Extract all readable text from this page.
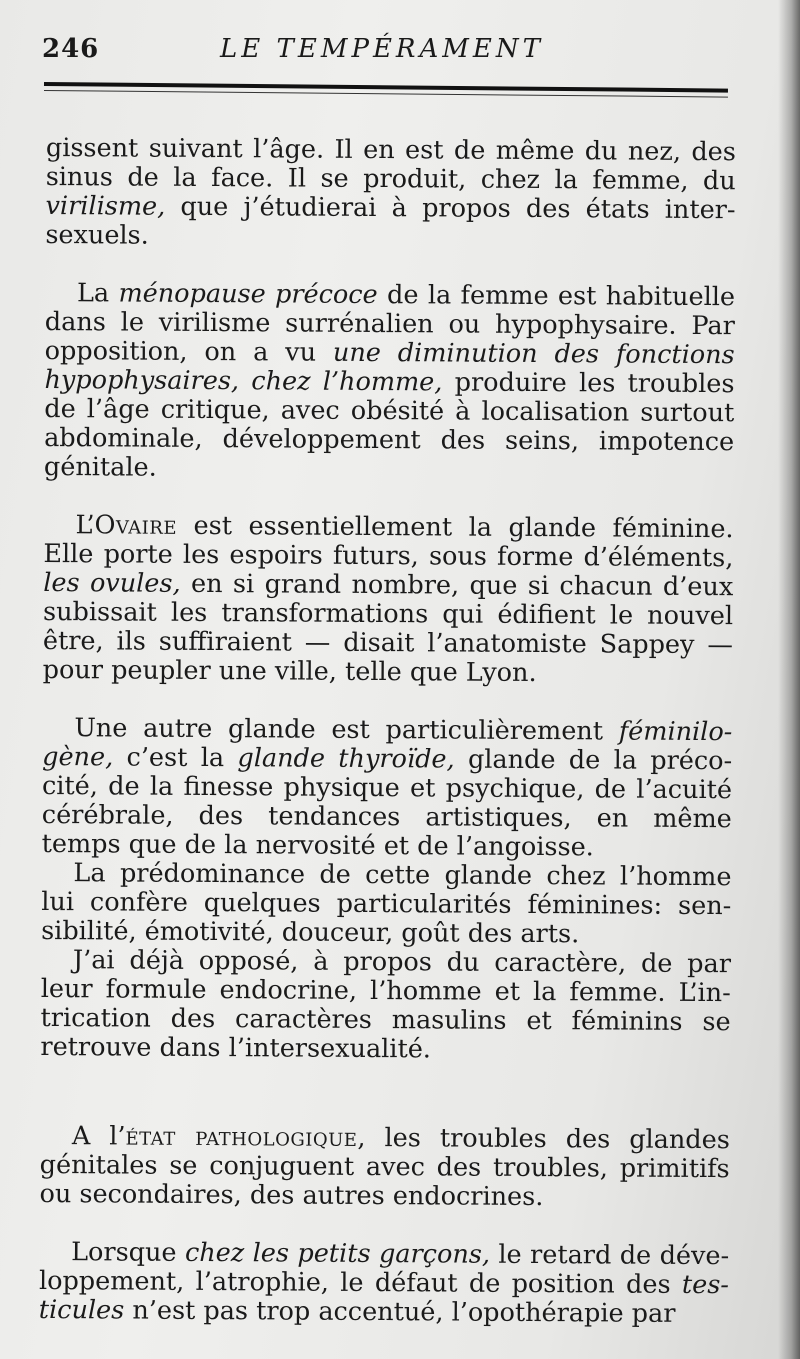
246	LE TEMPÉRAMENT

gissent suivant l’âge. Il en est de même du nez, des sinus de la face. Il se produit, chez la femme, du virilisme, que j’étudierai à propos des états intersexuels.

La ménopause précoce de la femme est habituelle dans le virilisme surrénalien ou hypophysaire. Par opposition, on a vu une diminution des fonctions hypophysaires, chez l’homme, produire les troubles de l’âge critique, avec obésité à localisation surtout abdominale, développement des seins, impotence génitale.

L’Ovaire est essentiellement la glande féminine. Elle porte les espoirs futurs, sous forme d’éléments, les ovules, en si grand nombre, que si chacun d’eux subissait les transformations qui édifient le nouvel être, ils suffiraient — disait l’anatomiste Sappey — pour peupler une ville, telle que Lyon.

Une autre glande est particulièrement féminilogène, c’est la glande thyroïde, glande de la précocité, de la finesse physique et psychique, de l’acuité cérébrale, des tendances artistiques, en même temps que de la nervosité et de l’angoisse.

La prédominance de cette glande chez l’homme lui confère quelques particularités féminines: sensibilité, émotivité, douceur, goût des arts.

J’ai déjà opposé, à propos du caractère, de par leur formule endocrine, l’homme et la femme. L’intrication des caractères masulins et féminins se retrouve dans l’intersexualité.

A l’état pathologique, les troubles des glandes génitales se conjuguent avec des troubles, primitifs ou secondaires, des autres endocrines.

Lorsque chez les petits garçons, le retard de développement, l’atrophie, le défaut de position des testicules n’est pas trop accentué, l’opothérapie par
